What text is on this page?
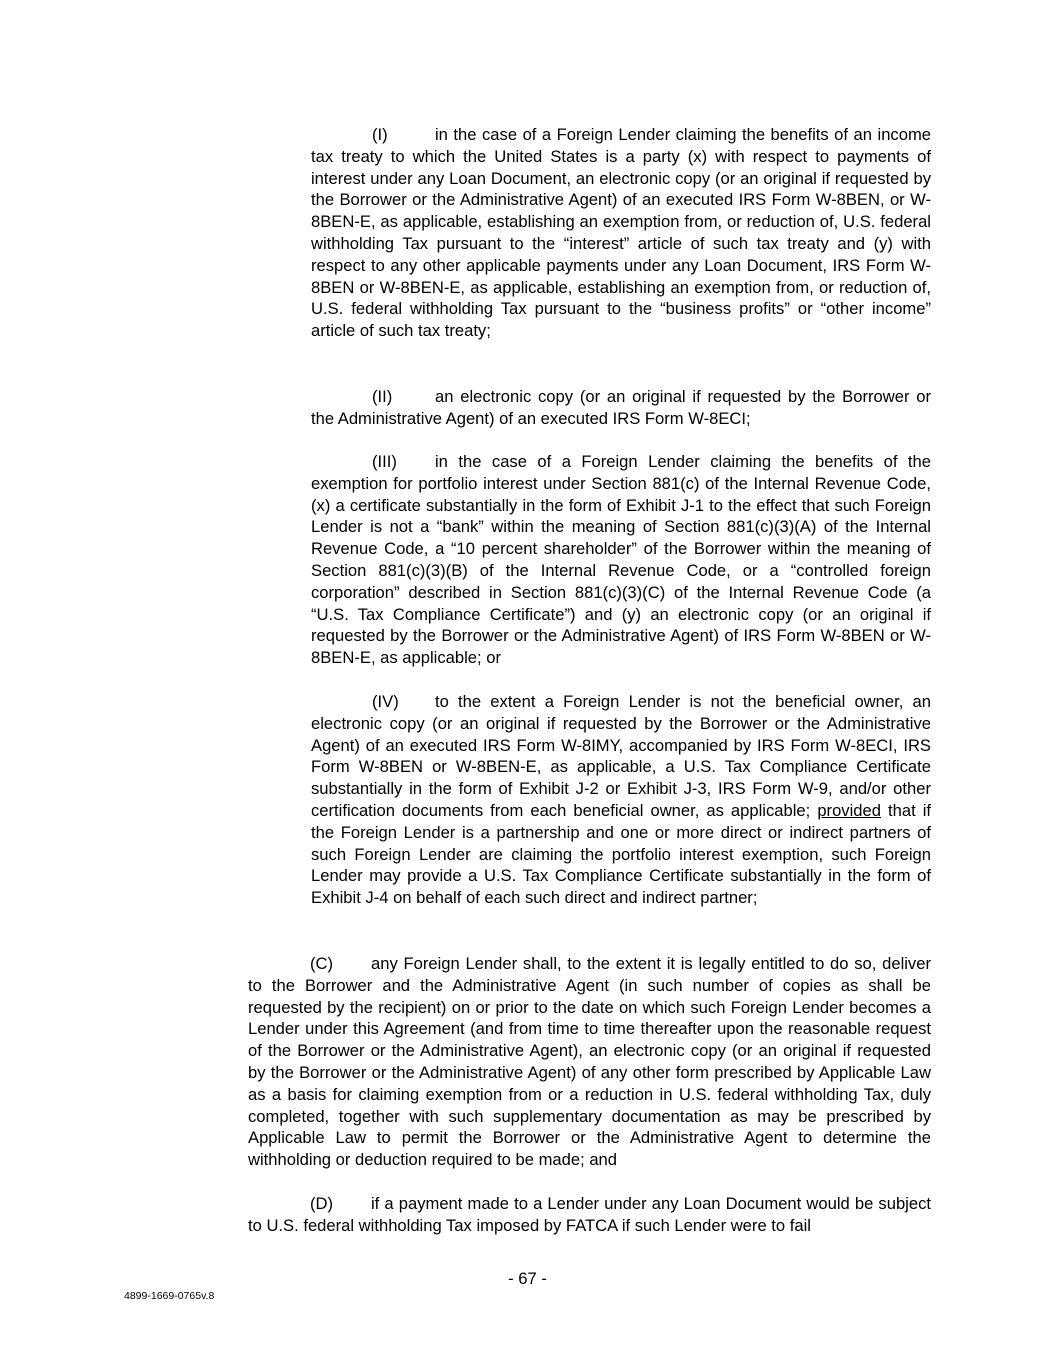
(I)	in the case of a Foreign Lender claiming the benefits of an income tax treaty to which the United States is a party (x) with respect to payments of interest under any Loan Document, an electronic copy (or an original if requested by the Borrower or the Administrative Agent) of an executed IRS Form W-8BEN, or W-8BEN-E, as applicable, establishing an exemption from, or reduction of, U.S. federal withholding Tax pursuant to the “interest” article of such tax treaty and (y) with respect to any other applicable payments under any Loan Document, IRS Form W-8BEN or W-8BEN-E, as applicable, establishing an exemption from, or reduction of, U.S. federal withholding Tax pursuant to the “business profits” or “other income” article of such tax treaty;

(II)	an electronic copy (or an original if requested by the Borrower or the Administrative Agent) of an executed IRS Form W-8ECI;

(III) in the case of a Foreign Lender claiming the benefits of the exemption for portfolio interest under Section 881(c) of the Internal Revenue Code, (x) a certificate substantially in the form of Exhibit J-1 to the effect that such Foreign Lender is not a “bank” within the meaning of Section 881(c)(3)(A) of the Internal Revenue Code, a “10 percent shareholder” of the Borrower within the meaning of Section 881(c)(3)(B) of the Internal Revenue Code, or a “controlled foreign corporation” described in Section 881(c)(3)(C) of the Internal Revenue Code (a “U.S. Tax Compliance Certificate”) and (y) an electronic copy (or an original if requested by the Borrower or the Administrative Agent) of IRS Form W-8BEN or W-8BEN-E, as applicable; or

(IV) to the extent a Foreign Lender is not the beneficial owner, an electronic copy (or an original if requested by the Borrower or the Administrative Agent) of an executed IRS Form W-8IMY, accompanied by IRS Form W-8ECI, IRS Form W-8BEN or W-8BEN-E, as applicable, a U.S. Tax Compliance Certificate substantially in the form of Exhibit J-2 or Exhibit J-3, IRS Form W-9, and/or other certification documents from each beneficial owner, as applicable; provided that if the Foreign Lender is a partnership and one or more direct or indirect partners of such Foreign Lender are claiming the portfolio interest exemption, such Foreign Lender may provide a U.S. Tax Compliance Certificate substantially in the form of Exhibit J-4 on behalf of each such direct and indirect partner;

(C) any Foreign Lender shall, to the extent it is legally entitled to do so, deliver to the Borrower and the Administrative Agent (in such number of copies as shall be requested by the recipient) on or prior to the date on which such Foreign Lender becomes a Lender under this Agreement (and from time to time thereafter upon the reasonable request of the Borrower or the Administrative Agent), an electronic copy (or an original if requested by the Borrower or the Administrative Agent) of any other form prescribed by Applicable Law as a basis for claiming exemption from or a reduction in U.S. federal withholding Tax, duly completed, together with such supplementary documentation as may be prescribed by Applicable Law to permit the Borrower or the Administrative Agent to determine the withholding or deduction required to be made; and

(D) if a payment made to a Lender under any Loan Document would be subject to U.S. federal withholding Tax imposed by FATCA if such Lender were to fail

- 67 -
4899-1669-0765v.8
